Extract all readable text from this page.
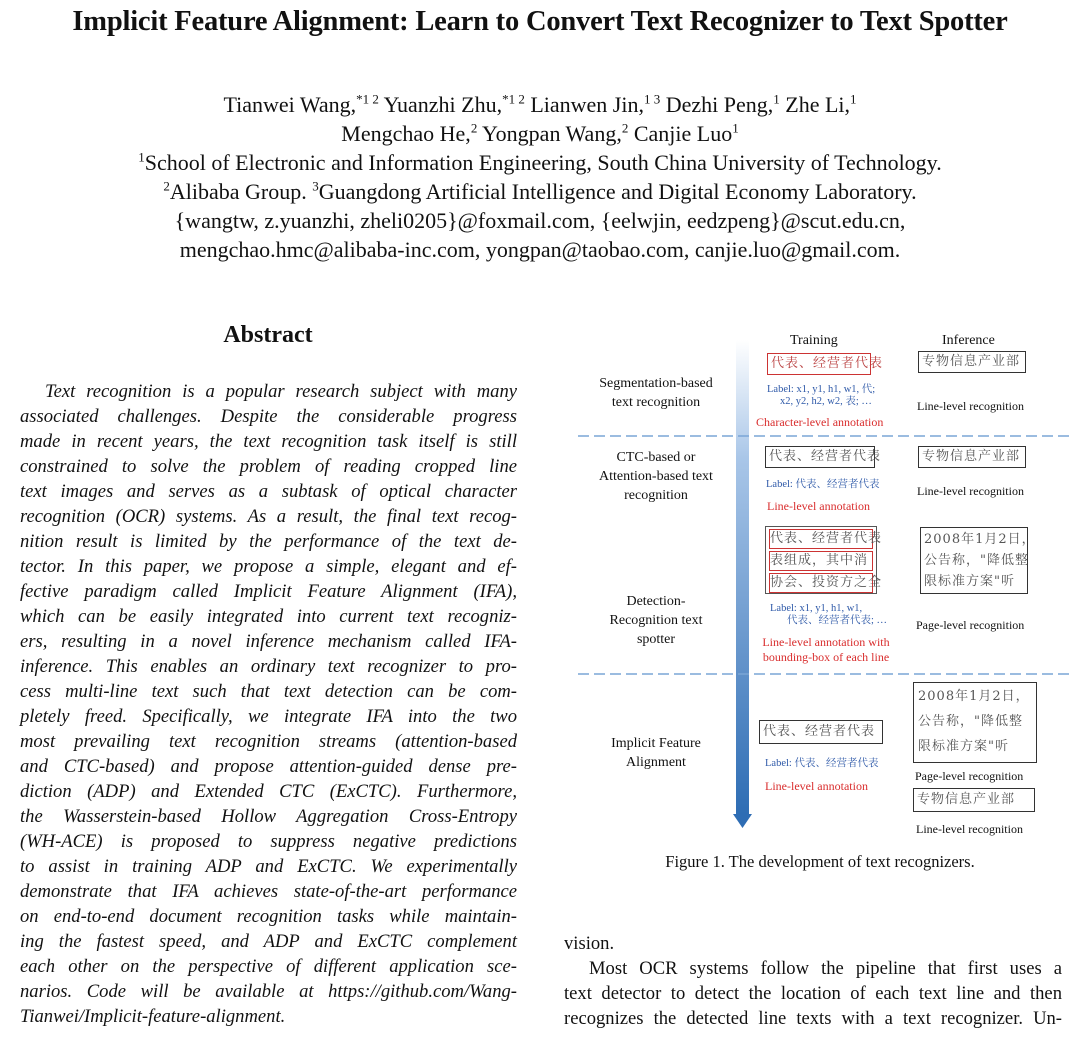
Implicit Feature Alignment: Learn to Convert Text Recognizer to Text Spotter
Tianwei Wang,$^{*1 2}$ Yuanzhi Zhu,$^{*1 2}$ Lianwen Jin,$^{1 3}$ Dezhi Peng,$^1$ Zhe Li,$^1$
Mengchao He,$^2$ Yongpan Wang,$^2$ Canjie Luo$^1$
$^1$School of Electronic and Information Engineering, South China University of Technology.
$^2$Alibaba Group. $^3$Guangdong Artificial Intelligence and Digital Economy Laboratory.
{wangtw, z.yuanzhi, zheli0205}@foxmail.com, {eelwjin, eedzpeng}@scut.edu.cn,
mengchao.hmc@alibaba-inc.com, yongpan@taobao.com, canjie.luo@gmail.com.
Abstract
Text recognition is a popular research subject with many
associated challenges. Despite the considerable progress
made in recent years, the text recognition task itself is still
constrained to solve the problem of reading cropped line
text images and serves as a subtask of optical character
recognition (OCR) systems. As a result, the final text recog-
nition result is limited by the performance of the text de-
tector. In this paper, we propose a simple, elegant and ef-
fective paradigm called Implicit Feature Alignment (IFA),
which can be easily integrated into current text recogniz-
ers, resulting in a novel inference mechanism called IFA-
inference. This enables an ordinary text recognizer to pro-
cess multi-line text such that text detection can be com-
pletely freed. Specifically, we integrate IFA into the two
most prevailing text recognition streams (attention-based
and CTC-based) and propose attention-guided dense pre-
diction (ADP) and Extended CTC (ExCTC). Furthermore,
the Wasserstein-based Hollow Aggregation Cross-Entropy
(WH-ACE) is proposed to suppress negative predictions
to assist in training ADP and ExCTC. We experimentally
demonstrate that IFA achieves state-of-the-art performance
on end-to-end document recognition tasks while maintain-
ing the fastest speed, and ADP and ExCTC complement
each other on the perspective of different application sce-
narios. Code will be available at https://github.com/Wang-
Tianwei/Implicit-feature-alignment.
Training	Inference
Segmentation-based
text recognition
代表、经营者代表
Label: x1, y1, h1, w1, 代;
x2, y2, h2, w2, 表; …
Character-level annotation
专物信息产业部
Line-level recognition
CTC-based or
Attention-based text
recognition
代表、经营者代表
Label: 代表、经营者代表
Line-level annotation
专物信息产业部
Line-level recognition
Detection-
Recognition text
spotter
代表、经营者代表
表组成，其中消
协会、投资方之全
Label: x1, y1, h1, w1,
代表、经营者代表; …
Line-level annotation with
bounding-box of each line
2008年1月2日，
公告称，"降低整
限标准方案"听
Page-level recognition
Implicit Feature
Alignment
代表、经营者代表
Label: 代表、经营者代表
Line-level annotation
2008年1月2日，
公告称，"降低整
限标准方案"听
Page-level recognition
专物信息产业部
Line-level recognition
Figure 1. The development of text recognizers.
vision.
Most OCR systems follow the pipeline that first uses a
text detector to detect the location of each text line and then
recognizes the detected line texts with a text recognizer. Un-
